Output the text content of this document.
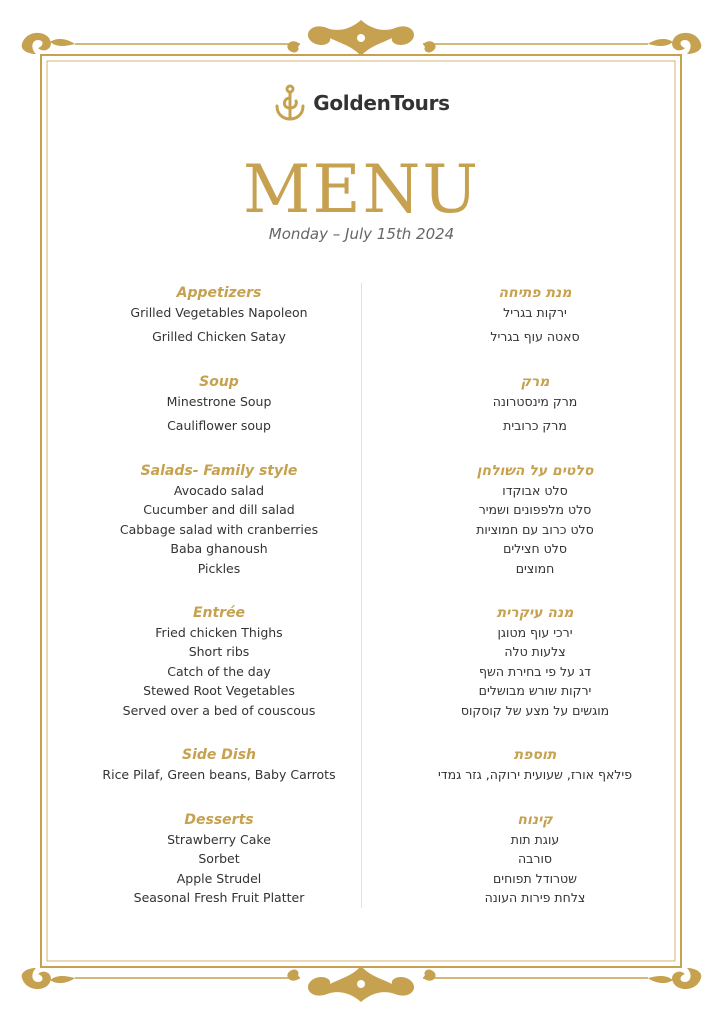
GoldenTours
MENU
Monday – July 15th 2024
Appetizers
Grilled Vegetables Napoleon
Grilled Chicken Satay
Soup
Minestrone Soup
Cauliflower soup
Salads- Family style
Avocado salad
Cucumber and dill salad
Cabbage salad with cranberries
Baba ghanoush
Pickles
Entrée
Fried chicken Thighs
Short ribs
Catch of the day
Stewed Root Vegetables
Served over a bed of couscous
Side Dish
Rice Pilaf, Green beans, Baby Carrots
Desserts
Strawberry Cake
Sorbet
Apple Strudel
Seasonal Fresh Fruit Platter
מנת פתיחה
ירקות בגריל
סאטה עוף בגריל
מרק
מרק מינסטרונה
מרק כרובית
סלטים על השולחן
סלט אבוקדו
סלט מלפפונים ושמיר
סלט כרוב עם חמוציות
סלט חצילים
חמוצים
מנה עיקרית
ירכי עוף מטוגן
צלעות טלה
דג על פי בחירת השף
ירקות שורש מבושלים
מוגשים על מצע של קוסקוס
תוספת
פילאף אורז, שעועית ירוקה, גזר גמדי
קינוח
עוגת תות
סורבה
שטרודל תפוחים
צלחת פירות העונה
